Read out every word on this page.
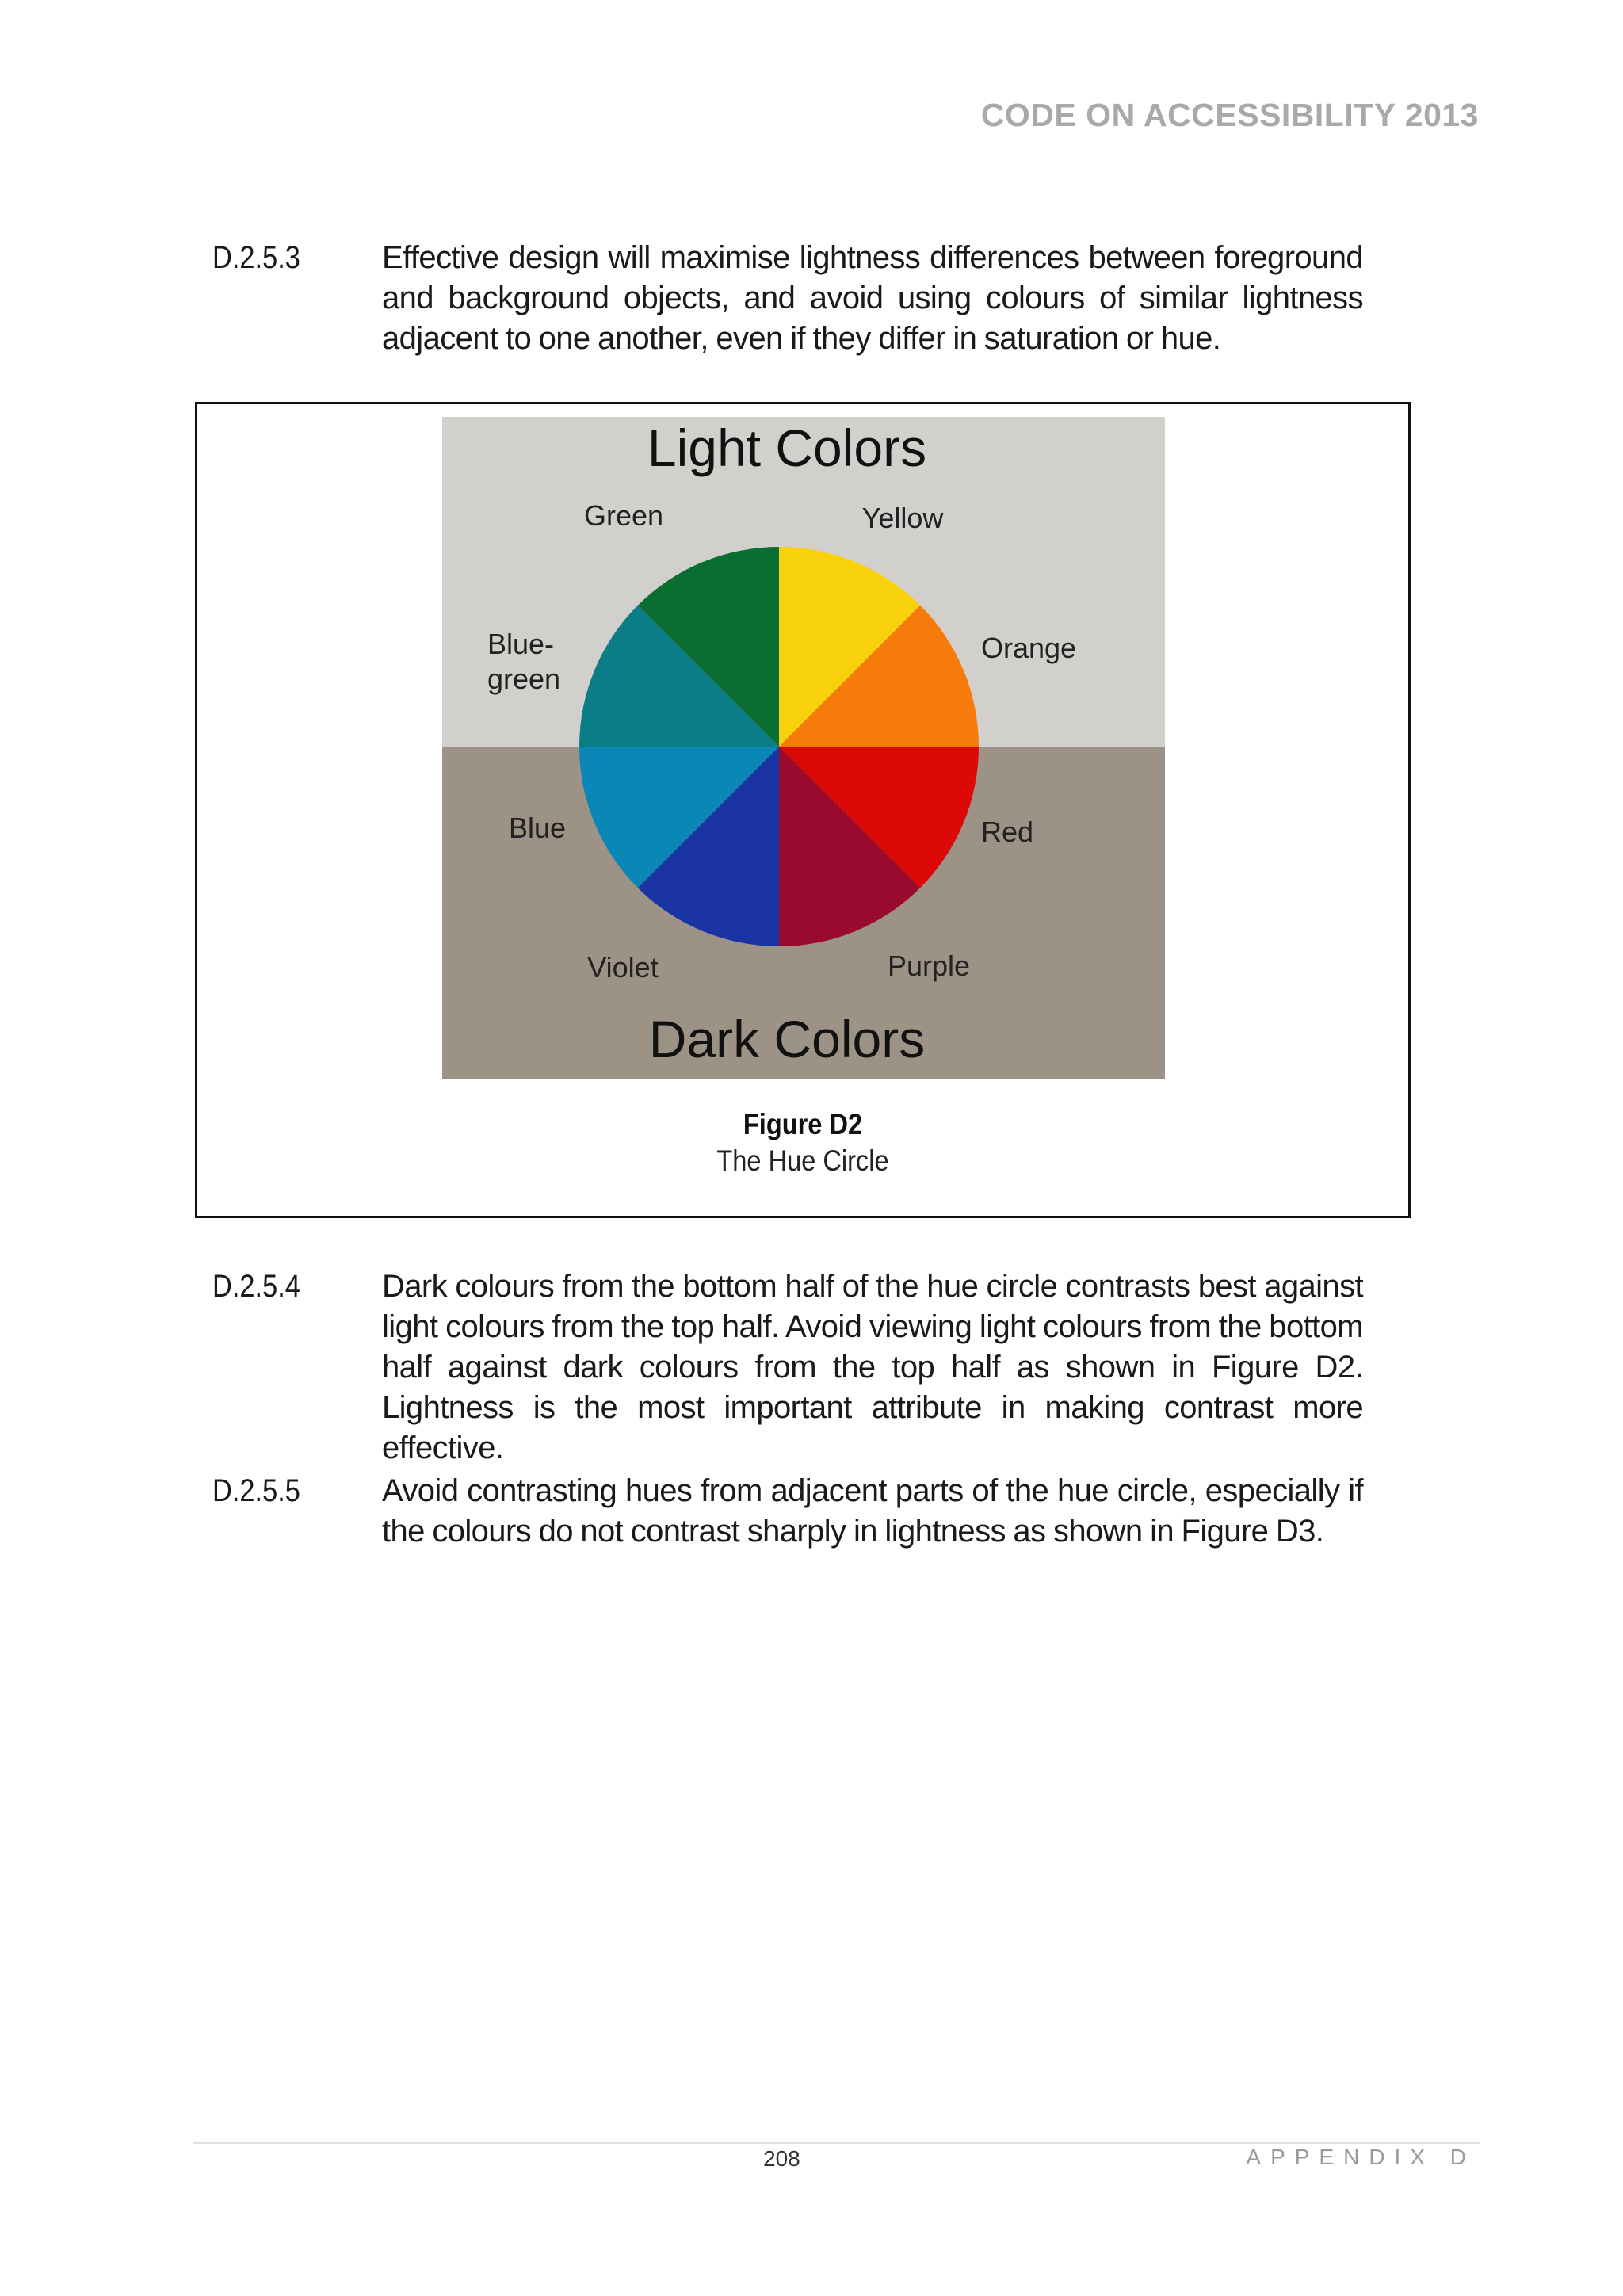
CODE ON ACCESSIBILITY 2013
D.2.5.3	Effective design will maximise lightness differences between foreground and background objects, and avoid using colours of similar lightness adjacent to one another, even if they differ in saturation or hue.
Light Colors
Dark Colors
Green	Yellow
Orange
Red
Purple
Violet
Blue
Blue-
green
Figure D2
The Hue Circle
D.2.5.4	Dark colours from the bottom half of the hue circle contrasts best against light colours from the top half. Avoid viewing light colours from the bottom half against dark colours from the top half as shown in Figure D2. Lightness is the most important attribute in making contrast more effective.
D.2.5.5	Avoid contrasting hues from adjacent parts of the hue circle, especially if the colours do not contrast sharply in lightness as shown in Figure D3.
208	APPENDIX D
